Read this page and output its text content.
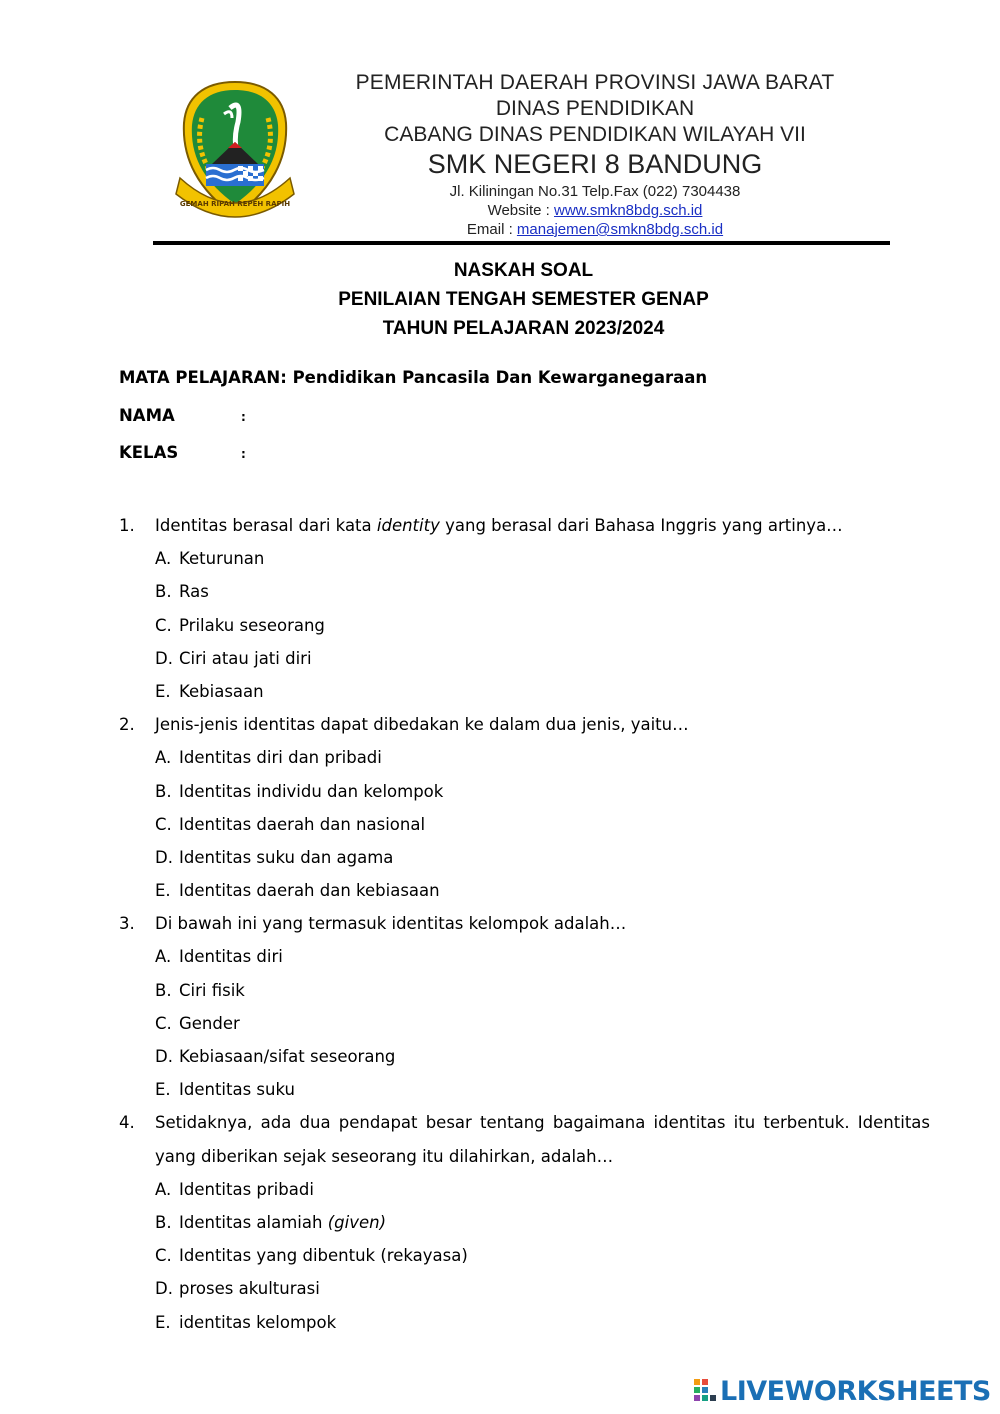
GEMAH RIPAH REPEH RAPIH
PEMERINTAH DAERAH PROVINSI JAWA BARAT
DINAS PENDIDIKAN
CABANG DINAS PENDIDIKAN WILAYAH VII
SMK NEGERI 8 BANDUNG
Jl. Kiliningan No.31 Telp.Fax (022) 7304438
Website : www.smkn8bdg.sch.id
Email : manajemen@smkn8bdg.sch.id
NASKAH SOAL
PENILAIAN TENGAH SEMESTER GENAP
TAHUN PELAJARAN 2023/2024
MATA PELAJARAN: Pendidikan Pancasila Dan Kewarganegaraan
NAMA	:
KELAS	:
1. Identitas berasal dari kata identity yang berasal dari Bahasa Inggris yang artinya…
A. Keturunan
B. Ras
C. Prilaku seseorang
D. Ciri atau jati diri
E. Kebiasaan
2. Jenis-jenis identitas dapat dibedakan ke dalam dua jenis, yaitu…
A. Identitas diri dan pribadi
B. Identitas individu dan kelompok
C. Identitas daerah dan nasional
D. Identitas suku dan agama
E. Identitas daerah dan kebiasaan
3. Di bawah ini yang termasuk identitas kelompok adalah…
A. Identitas diri
B. Ciri fisik
C. Gender
D. Kebiasaan/sifat seseorang
E. Identitas suku
4. Setidaknya, ada dua pendapat besar tentang bagaimana identitas itu terbentuk. Identitas
yang diberikan sejak seseorang itu dilahirkan, adalah…
A. Identitas pribadi
B. Identitas alamiah (given)
C. Identitas yang dibentuk (rekayasa)
D. proses akulturasi
E. identitas kelompok
LIVEWORKSHEETS
